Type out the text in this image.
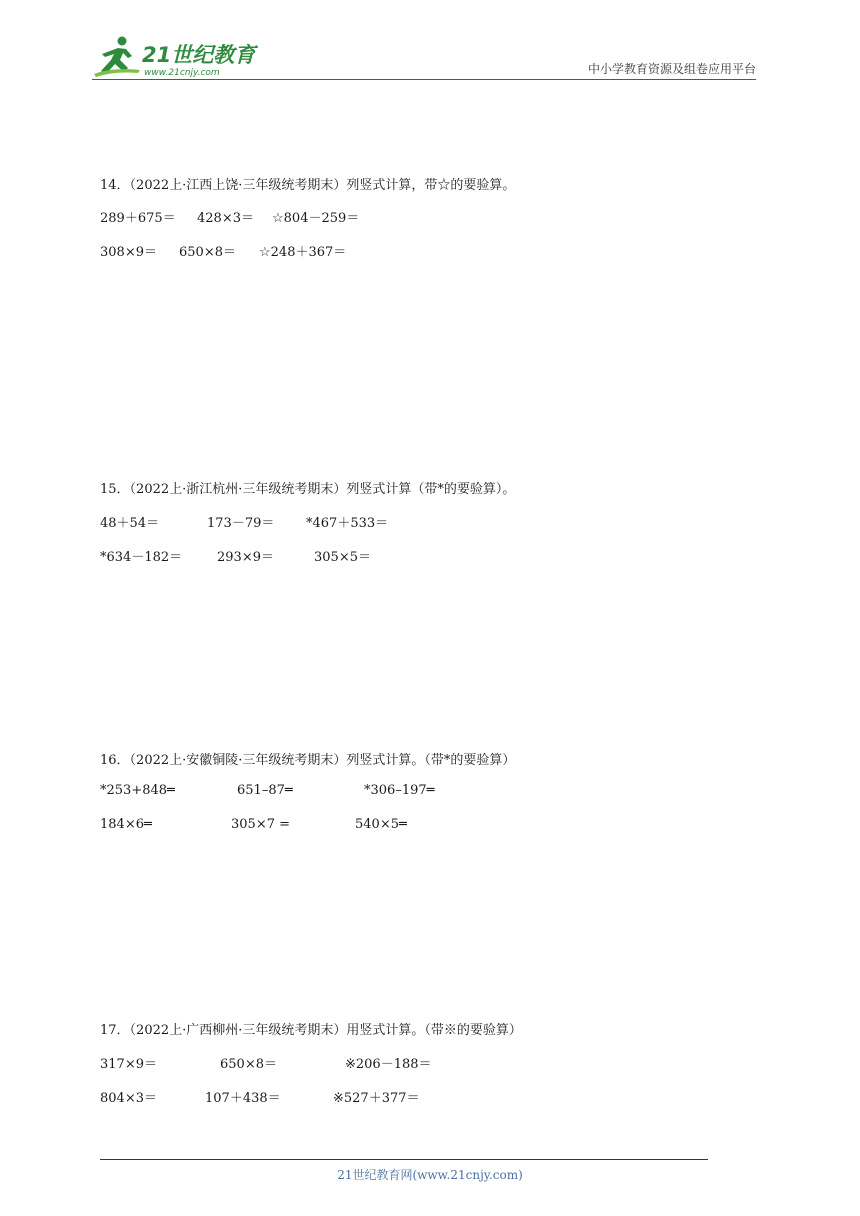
21世纪教育
www.21cnjy.com	中小学教育资源及组卷应用平台
14．（2022上·江西上饶·三年级统考期末）列竖式计算，带☆的要验算。
289＋675＝ 428×3＝ ☆804－259＝
308×9＝ 650×8＝ ☆248＋367＝
15．（2022上·浙江杭州·三年级统考期末）列竖式计算（带*的要验算）。
48＋54＝	173－79＝ *467＋533＝
*634－182＝	293×9＝	305×5＝
16．（2022上·安徽铜陵·三年级统考期末）列竖式计算。（带*的要验算）
*253+848═	651–87═	*306–197═
184×6═	305×7 =	540×5═
17．（2022上·广西柳州·三年级统考期末）用竖式计算。（带※的要验算）
317×9＝	650×8＝	※206－188＝
804×3＝	107＋438＝	※527＋377＝
21世纪教育网(www.21cnjy.com)
